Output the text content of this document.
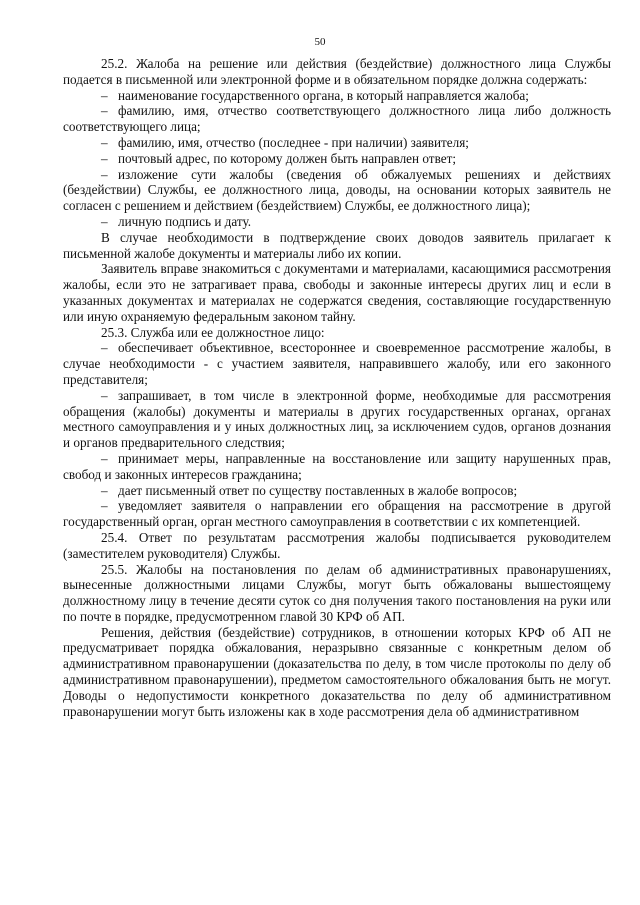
50

25.2. Жалоба на решение или действия (бездействие) должностного лица Службы подается в письменной или электронной форме и в обязательном порядке должна содержать:

– наименование государственного органа, в который направляется жалоба;

– фамилию, имя, отчество соответствующего должностного лица либо должность соответствующего лица;

– фамилию, имя, отчество (последнее - при наличии) заявителя;

– почтовый адрес, по которому должен быть направлен ответ;

– изложение сути жалобы (сведения об обжалуемых решениях и действиях (бездействии) Службы, ее должностного лица, доводы, на основании которых заявитель не согласен с решением и действием (бездействием) Службы, ее должностного лица);

– личную подпись и дату.

В случае необходимости в подтверждение своих доводов заявитель прилагает к письменной жалобе документы и материалы либо их копии.

Заявитель вправе знакомиться с документами и материалами, касающимися рассмотрения жалобы, если это не затрагивает права, свободы и законные интересы других лиц и если в указанных документах и материалах не содержатся сведения, составляющие государственную или иную охраняемую федеральным законом тайну.

25.3. Служба или ее должностное лицо:

– обеспечивает объективное, всестороннее и своевременное рассмотрение жалобы, в случае необходимости - с участием заявителя, направившего жалобу, или его законного представителя;

– запрашивает, в том числе в электронной форме, необходимые для рассмотрения обращения (жалобы) документы и материалы в других государственных органах, органах местного самоуправления и у иных должностных лиц, за исключением судов, органов дознания и органов предварительного следствия;

– принимает меры, направленные на восстановление или защиту нарушенных прав, свобод и законных интересов гражданина;

– дает письменный ответ по существу поставленных в жалобе вопросов;

– уведомляет заявителя о направлении его обращения на рассмотрение в другой государственный орган, орган местного самоуправления в соответствии с их компетенцией.

25.4. Ответ по результатам рассмотрения жалобы подписывается руководителем (заместителем руководителя) Службы.

25.5. Жалобы на постановления по делам об административных правонарушениях, вынесенные должностными лицами Службы, могут быть обжалованы вышестоящему должностному лицу в течение десяти суток со дня получения такого постановления на руки или по почте в порядке, предусмотренном главой 30 КРФ об АП.

Решения, действия (бездействие) сотрудников, в отношении которых КРФ об АП не предусматривает порядка обжалования, неразрывно связанные с конкретным делом об административном правонарушении (доказательства по делу, в том числе протоколы по делу об административном правонарушении), предметом самостоятельного обжалования быть не могут. Доводы о недопустимости конкретного доказательства по делу об административном правонарушении могут быть изложены как в ходе рассмотрения дела об административном
